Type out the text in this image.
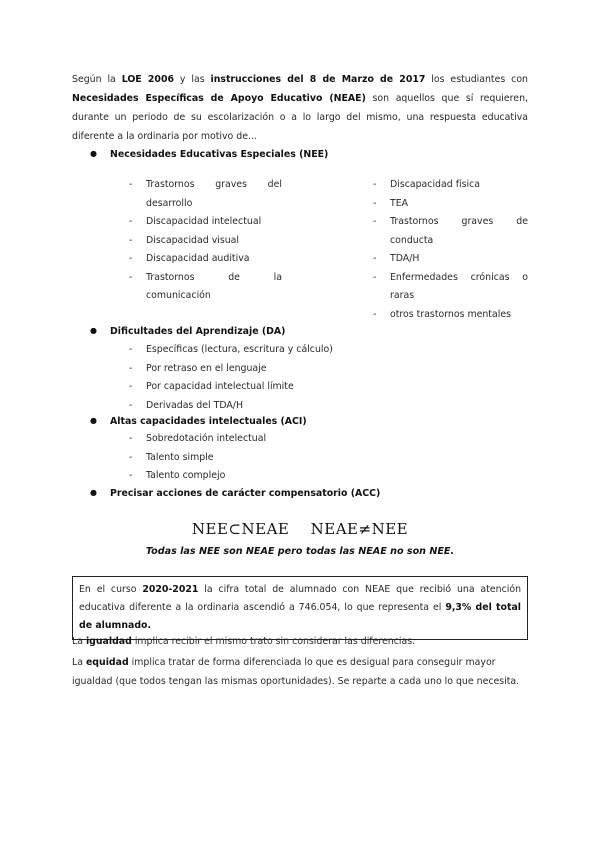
Según la LOE 2006 y las instrucciones del 8 de Marzo de 2017 los estudiantes con Necesidades Específicas de Apoyo Educativo (NEAE) son aquellos que sí requieren, durante un periodo de su escolarización o a lo largo del mismo, una respuesta educativa diferente a la ordinaria por motivo de...
● Necesidades Educativas Especiales (NEE)
- Trastornos graves del desarrollo
- Discapacidad intelectual
- Discapacidad visual
- Discapacidad auditiva
- Trastornos de la comunicación
- Discapacidad física
- TEA
- Trastornos graves de conducta
- TDA/H
- Enfermedades crónicas o raras
- otros trastornos mentales
● Dificultades del Aprendizaje (DA)
- Específicas (lectura, escritura y cálculo)
- Por retraso en el lenguaje
- Por capacidad intelectual límite
- Derivadas del TDA/H
● Altas capacidades intelectuales (ACI)
- Sobredotación intelectual
- Talento simple
- Talento complejo
● Precisar acciones de carácter compensatorio (ACC)
NEE⊂NEAE NEAE≠NEE
Todas las NEE son NEAE pero todas las NEAE no son NEE.
En el curso 2020-2021 la cifra total de alumnado con NEAE que recibió una atención educativa diferente a la ordinaria ascendió a 746.054, lo que representa el 9,3% del total de alumnado.
La igualdad implica recibir el mismo trato sin considerar las diferencias.
La equidad implica tratar de forma diferenciada lo que es desigual para conseguir mayor igualdad (que todos tengan las mismas oportunidades). Se reparte a cada uno lo que necesita.
